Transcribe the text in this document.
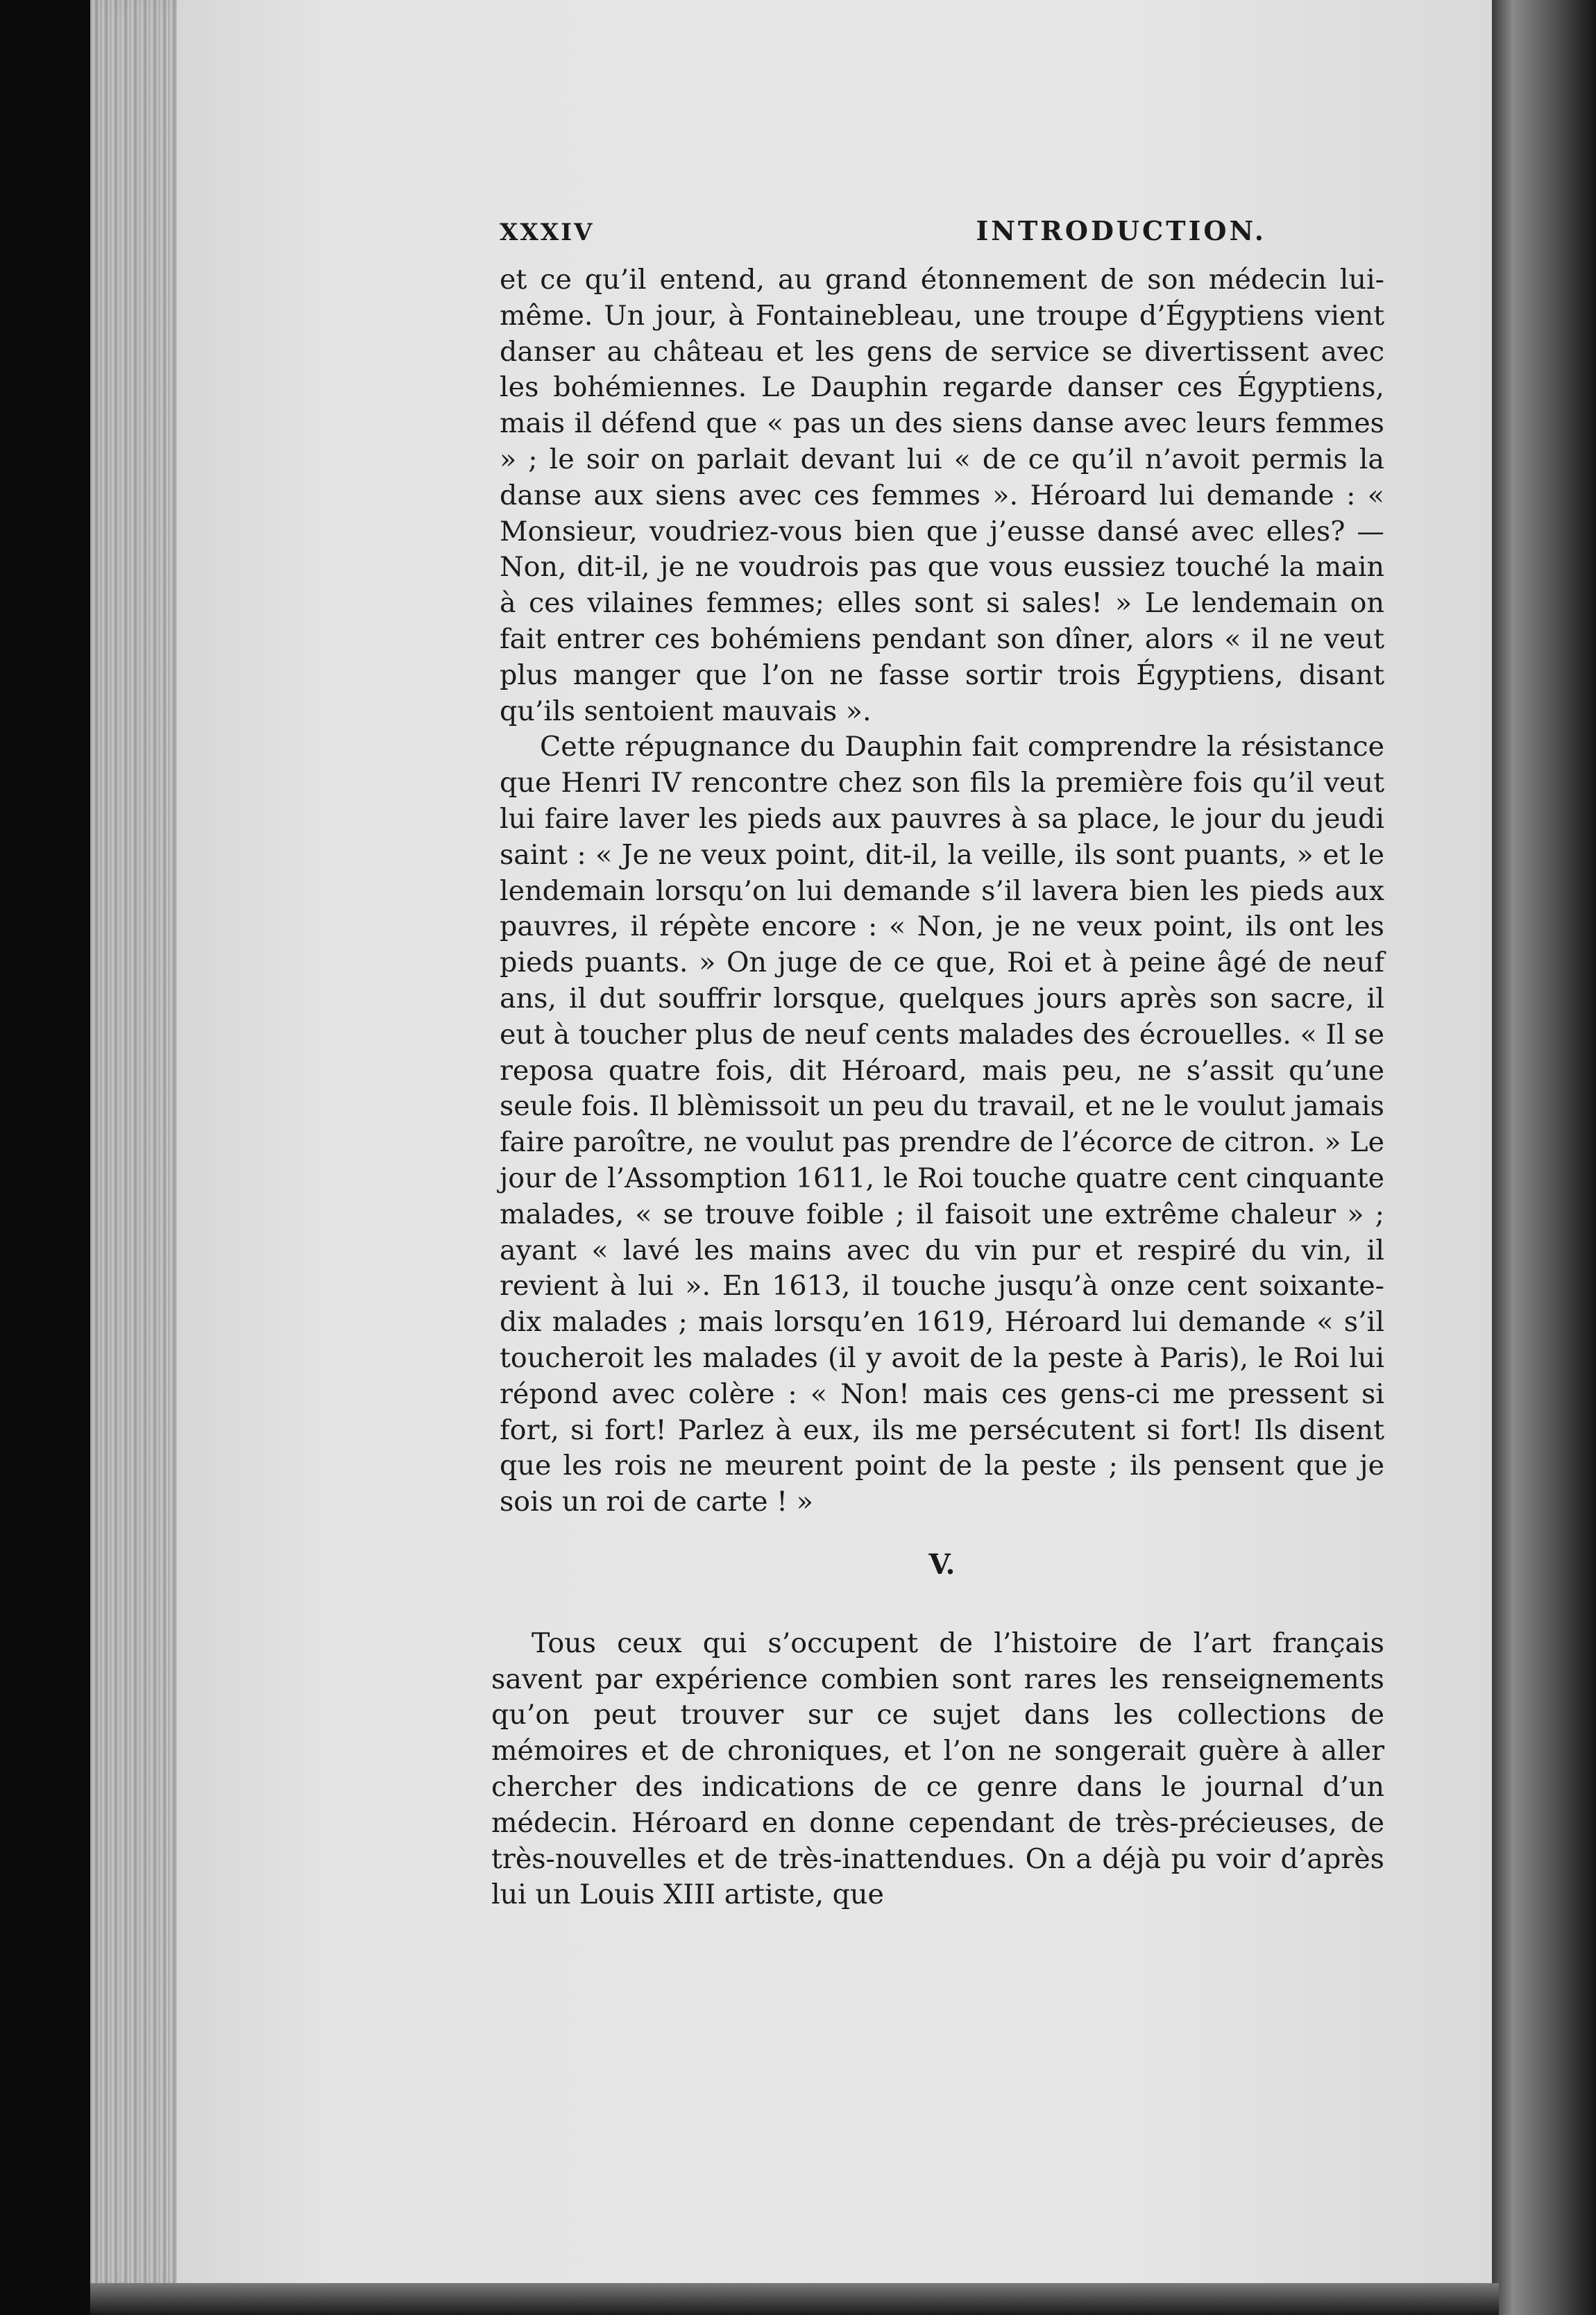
XXXIV	INTRODUCTION.

et ce qu’il entend, au grand étonnement de son médecin lui-même. Un jour, à Fontainebleau, une troupe d’Égyptiens vient danser au château et les gens de service se divertissent avec les bohémiennes. Le Dauphin regarde danser ces Égyptiens, mais il défend que « pas un des siens danse avec leurs femmes » ; le soir on parlait devant lui « de ce qu’il n’avoit permis la danse aux siens avec ces femmes ». Héroard lui demande : « Monsieur, voudriez-vous bien que j’eusse dansé avec elles? — Non, dit-il, je ne voudrois pas que vous eussiez touché la main à ces vilaines femmes; elles sont si sales! » Le lendemain on fait entrer ces bohémiens pendant son dîner, alors « il ne veut plus manger que l’on ne fasse sortir trois Égyptiens, disant qu’ils sentoient mauvais ».

Cette répugnance du Dauphin fait comprendre la résistance que Henri IV rencontre chez son fils la première fois qu’il veut lui faire laver les pieds aux pauvres à sa place, le jour du jeudi saint : « Je ne veux point, dit-il, la veille, ils sont puants, » et le lendemain lorsqu’on lui demande s’il lavera bien les pieds aux pauvres, il répète encore : « Non, je ne veux point, ils ont les pieds puants. » On juge de ce que, Roi et à peine âgé de neuf ans, il dut souffrir lorsque, quelques jours après son sacre, il eut à toucher plus de neuf cents malades des écrouelles. « Il se reposa quatre fois, dit Héroard, mais peu, ne s’assit qu’une seule fois. Il blèmissoit un peu du travail, et ne le voulut jamais faire paroître, ne voulut pas prendre de l’écorce de citron. » Le jour de l’Assomption 1611, le Roi touche quatre cent cinquante malades, « se trouve foible ; il faisoit une extrême chaleur » ; ayant « lavé les mains avec du vin pur et respiré du vin, il revient à lui ». En 1613, il touche jusqu’à onze cent soixante-dix malades ; mais lorsqu’en 1619, Héroard lui demande « s’il toucheroit les malades (il y avoit de la peste à Paris), le Roi lui répond avec colère : « Non! mais ces gens-ci me pressent si fort, si fort! Parlez à eux, ils me persécutent si fort! Ils disent que les rois ne meurent point de la peste ; ils pensent que je sois un roi de carte ! »

V.

Tous ceux qui s’occupent de l’histoire de l’art français savent par expérience combien sont rares les renseignements qu’on peut trouver sur ce sujet dans les collections de mémoires et de chroniques, et l’on ne songerait guère à aller chercher des indications de ce genre dans le journal d’un médecin. Héroard en donne cependant de très-précieuses, de très-nouvelles et de très-inattendues. On a déjà pu voir d’après lui un Louis XIII artiste, que
